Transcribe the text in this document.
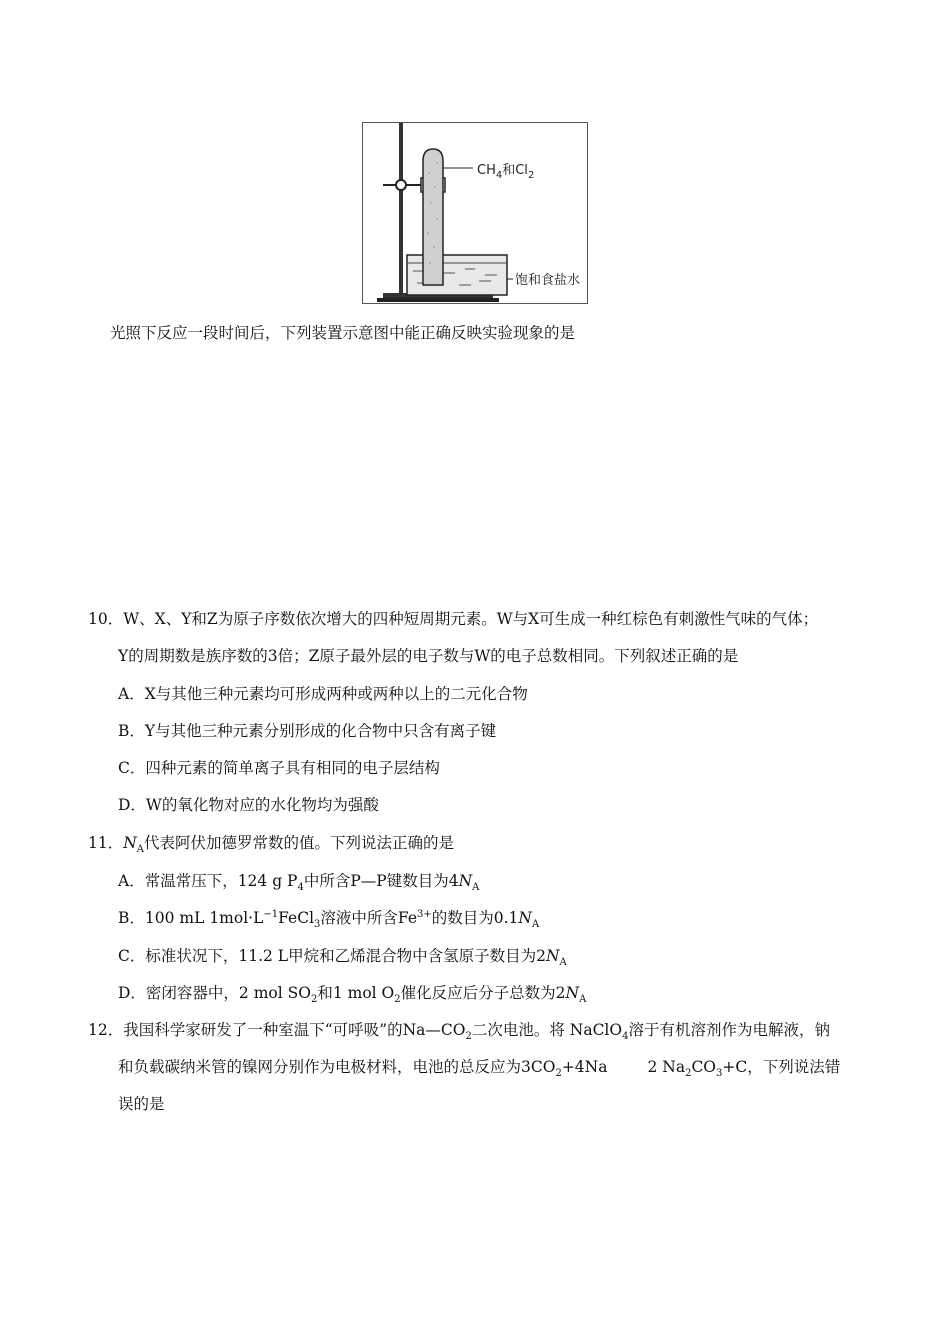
$CH_4$和$Cl_2$
饱和食盐水
光照下反应一段时间后，下列装置示意图中能正确反映实验现象的是
10．W、X、Y和Z为原子序数依次增大的四种短周期元素。W与X可生成一种红棕色有刺激性气味的气体；
Y的周期数是族序数的3倍；Z原子最外层的电子数与W的电子总数相同。下列叙述正确的是
A．X与其他三种元素均可形成两种或两种以上的二元化合物
B．Y与其他三种元素分别形成的化合物中只含有离子键
C．四种元素的简单离子具有相同的电子层结构
D．W的氧化物对应的水化物均为强酸
11．$N_A$代表阿伏加德罗常数的值。下列说法正确的是
A．常温常压下，124 g $P_4$中所含P—P键数目为$4N_A$
B．100 mL $1mol\cdot L^{-1}FeCl_3$溶液中所含$Fe^{3+}$的数目为$0.1N_A$
C．标准状况下，11.2 L甲烷和乙烯混合物中含氢原子数目为$2N_A$
D．密闭容器中，2 mol $SO_2$和1 mol $O_2$催化反应后分子总数为$2N_A$
12．我国科学家研发了一种室温下“可呼吸”的$Na—CO_2$二次电池。将 NaClO$_4$溶于有机溶剂作为电解液，钠
和负载碳纳米管的镍网分别作为电极材料，电池的总反应为$3CO_2+4Na$	2 $Na_2CO_3+C$，下列说法错
误的是
